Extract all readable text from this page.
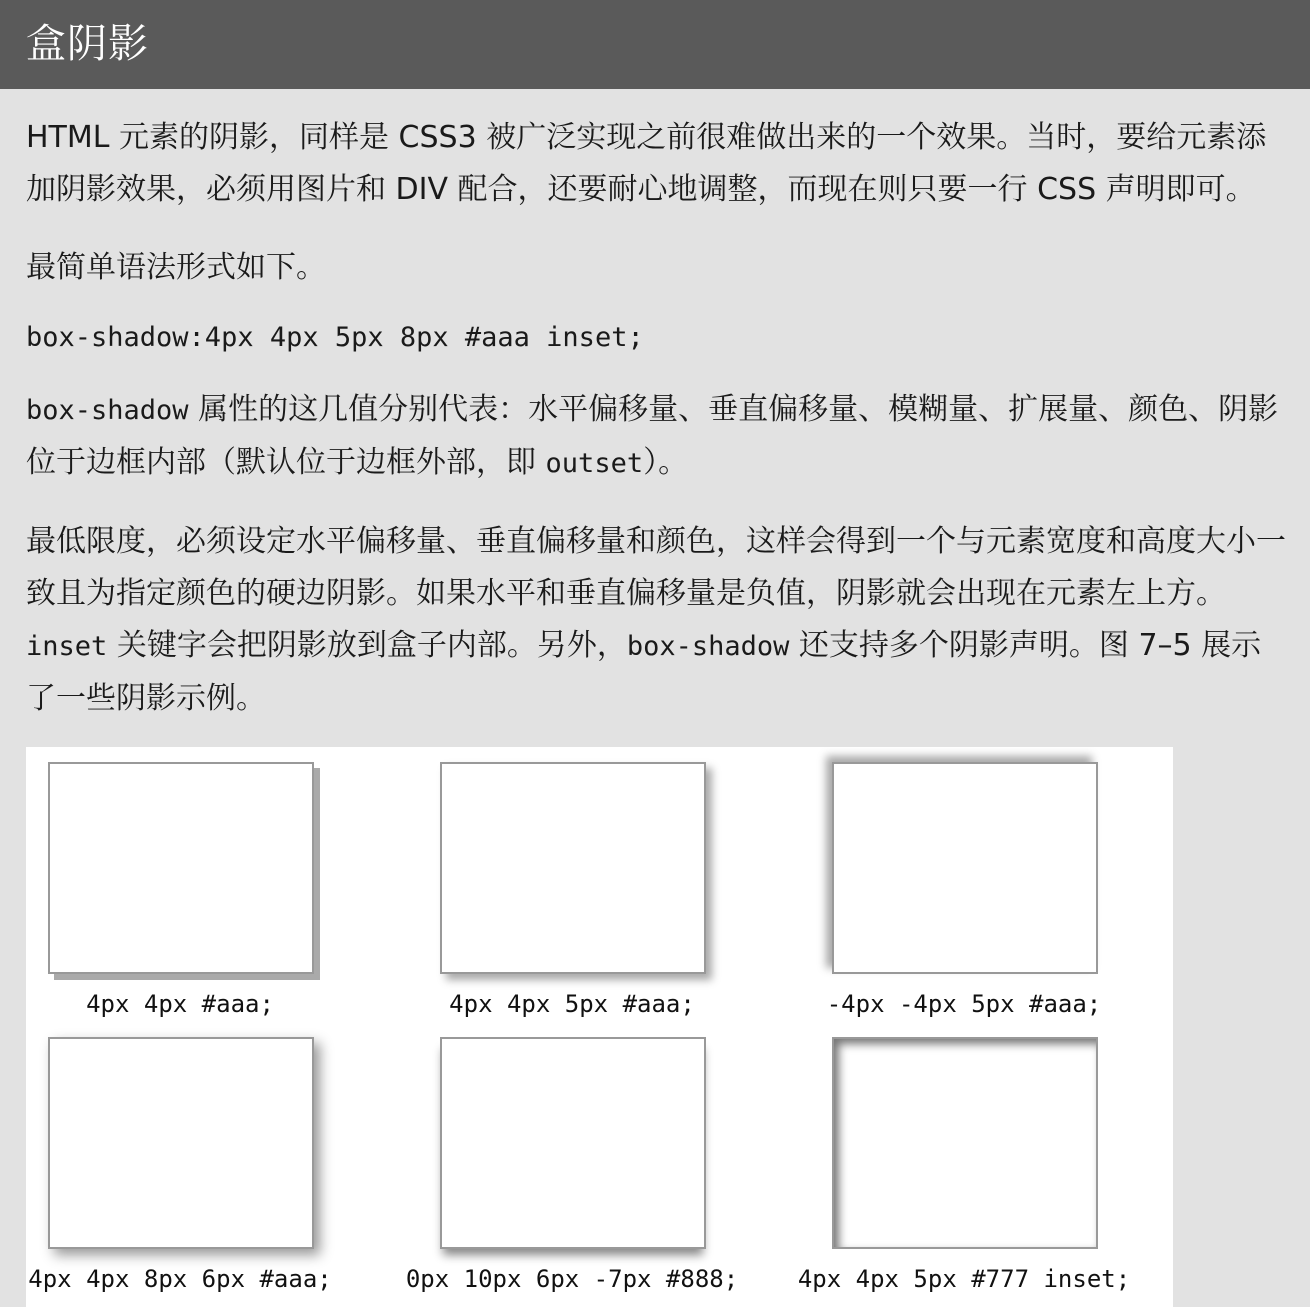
盒阴影

HTML 元素的阴影，同样是 CSS3 被广泛实现之前很难做出来的一个效果。当时，要给元素添加阴影效果，必须用图片和 DIV 配合，还要耐心地调整，而现在则只要一行 CSS 声明即可。

最简单语法形式如下。

box-shadow:4px 4px 5px 8px #aaa inset;

box-shadow 属性的这几值分别代表：水平偏移量、垂直偏移量、模糊量、扩展量、颜色、阴影位于边框内部（默认位于边框外部，即 outset）。

最低限度，必须设定水平偏移量、垂直偏移量和颜色，这样会得到一个与元素宽度和高度大小一致且为指定颜色的硬边阴影。如果水平和垂直偏移量是负值，阴影就会出现在元素左上方。inset 关键字会把阴影放到盒子内部。另外，box-shadow 还支持多个阴影声明。图 7–5 展示了一些阴影示例。

4px 4px #aaa;	4px 4px 5px #aaa;	-4px -4px 5px #aaa;
4px 4px 8px 6px #aaa;	0px 10px 6px -7px #888;	4px 4px 5px #777 inset;
